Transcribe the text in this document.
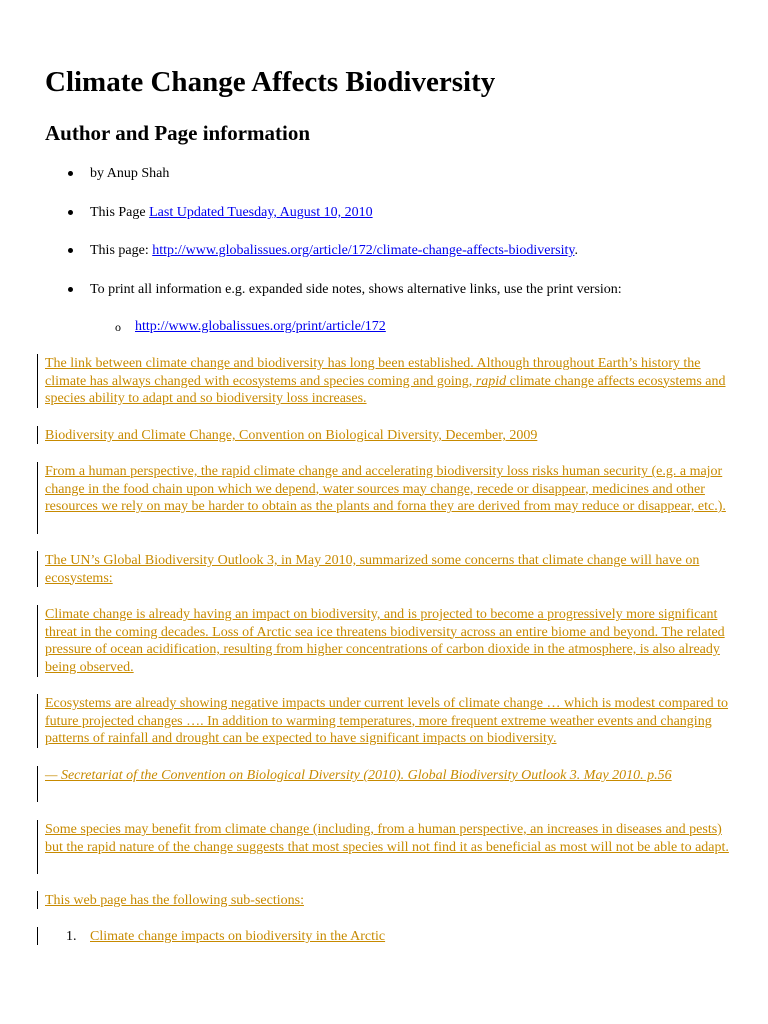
Climate Change Affects Biodiversity
Author and Page information
by Anup Shah
This Page Last Updated Tuesday, August 10, 2010
This page: http://www.globalissues.org/article/172/climate-change-affects-biodiversity.
To print all information e.g. expanded side notes, shows alternative links, use the print version:
o http://www.globalissues.org/print/article/172
The link between climate change and biodiversity has long been established. Although throughout Earth’s history the climate has always changed with ecosystems and species coming and going, rapid climate change affects ecosystems and species ability to adapt and so biodiversity loss increases.
Biodiversity and Climate Change, Convention on Biological Diversity, December, 2009
From a human perspective, the rapid climate change and accelerating biodiversity loss risks human security (e.g. a major change in the food chain upon which we depend, water sources may change, recede or disappear, medicines and other resources we rely on may be harder to obtain as the plants and forna they are derived from may reduce or disappear, etc.).
The UN’s Global Biodiversity Outlook 3, in May 2010, summarized some concerns that climate change will have on ecosystems:
Climate change is already having an impact on biodiversity, and is projected to become a progressively more significant threat in the coming decades. Loss of Arctic sea ice threatens biodiversity across an entire biome and beyond. The related pressure of ocean acidification, resulting from higher concentrations of carbon dioxide in the atmosphere, is also already being observed.
Ecosystems are already showing negative impacts under current levels of climate change … which is modest compared to future projected changes …. In addition to warming temperatures, more frequent extreme weather events and changing patterns of rainfall and drought can be expected to have significant impacts on biodiversity.
— Secretariat of the Convention on Biological Diversity (2010). Global Biodiversity Outlook 3. May 2010. p.56
Some species may benefit from climate change (including, from a human perspective, an increases in diseases and pests) but the rapid nature of the change suggests that most species will not find it as beneficial as most will not be able to adapt.
This web page has the following sub-sections:
1. Climate change impacts on biodiversity in the Arctic
